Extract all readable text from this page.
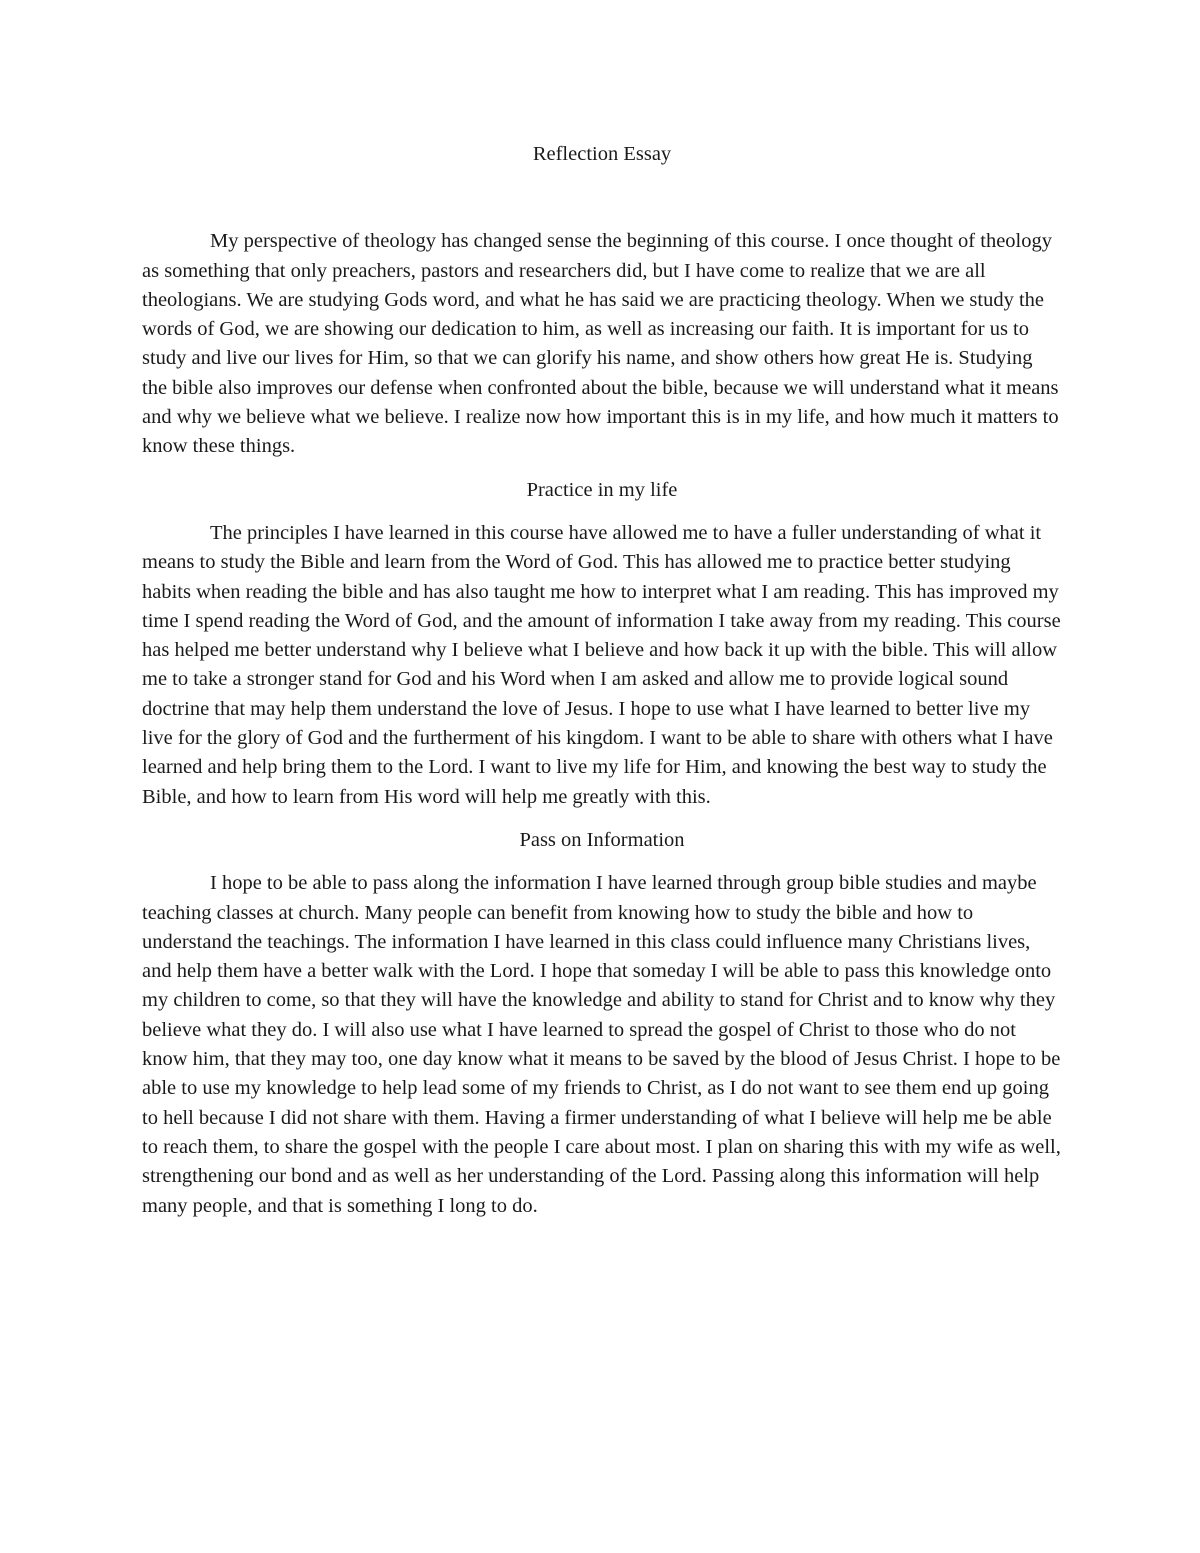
Reflection Essay

My perspective of theology has changed sense the beginning of this course. I once thought of theology as something that only preachers, pastors and researchers did, but I have come to realize that we are all theologians. We are studying Gods word, and what he has said we are practicing theology. When we study the words of God, we are showing our dedication to him, as well as increasing our faith. It is important for us to study and live our lives for Him, so that we can glorify his name, and show others how great He is. Studying the bible also improves our defense when confronted about the bible, because we will understand what it means and why we believe what we believe. I realize now how important this is in my life, and how much it matters to know these things.

Practice in my life

The principles I have learned in this course have allowed me to have a fuller understanding of what it means to study the Bible and learn from the Word of God. This has allowed me to practice better studying habits when reading the bible and has also taught me how to interpret what I am reading. This has improved my time I spend reading the Word of God, and the amount of information I take away from my reading. This course has helped me better understand why I believe what I believe and how back it up with the bible. This will allow me to take a stronger stand for God and his Word when I am asked and allow me to provide logical sound doctrine that may help them understand the love of Jesus. I hope to use what I have learned to better live my live for the glory of God and the furtherment of his kingdom. I want to be able to share with others what I have learned and help bring them to the Lord. I want to live my life for Him, and knowing the best way to study the Bible, and how to learn from His word will help me greatly with this.

Pass on Information

I hope to be able to pass along the information I have learned through group bible studies and maybe teaching classes at church. Many people can benefit from knowing how to study the bible and how to understand the teachings. The information I have learned in this class could influence many Christians lives, and help them have a better walk with the Lord. I hope that someday I will be able to pass this knowledge onto my children to come, so that they will have the knowledge and ability to stand for Christ and to know why they believe what they do. I will also use what I have learned to spread the gospel of Christ to those who do not know him, that they may too, one day know what it means to be saved by the blood of Jesus Christ. I hope to be able to use my knowledge to help lead some of my friends to Christ, as I do not want to see them end up going to hell because I did not share with them. Having a firmer understanding of what I believe will help me be able to reach them, to share the gospel with the people I care about most. I plan on sharing this with my wife as well, strengthening our bond and as well as her understanding of the Lord. Passing along this information will help many people, and that is something I long to do.
